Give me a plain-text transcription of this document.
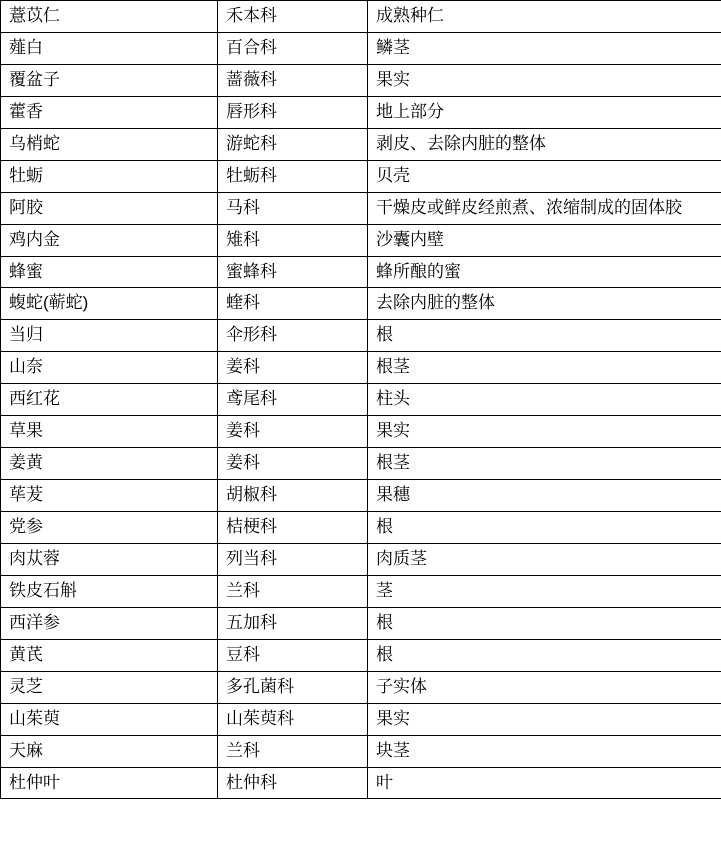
薏苡仁	禾本科	成熟种仁
薤白	百合科	鳞茎
覆盆子	蔷薇科	果实
藿香	唇形科	地上部分
乌梢蛇	游蛇科	剥皮、去除内脏的整体
牡蛎	牡蛎科	贝壳
阿胶	马科	干燥皮或鲜皮经煎煮、浓缩制成的固体胶
鸡内金	雉科	沙囊内壁
蜂蜜	蜜蜂科	蜂所酿的蜜
蝮蛇(蕲蛇)	蝰科	去除内脏的整体
当归	伞形科	根
山奈	姜科	根茎
西红花	鸢尾科	柱头
草果	姜科	果实
姜黄	姜科	根茎
荜茇	胡椒科	果穗
党参	桔梗科	根
肉苁蓉	列当科	肉质茎
铁皮石斛	兰科	茎
西洋参	五加科	根
黄芪	豆科	根
灵芝	多孔菌科	子实体
山茱萸	山茱萸科	果实
天麻	兰科	块茎
杜仲叶	杜仲科	叶
